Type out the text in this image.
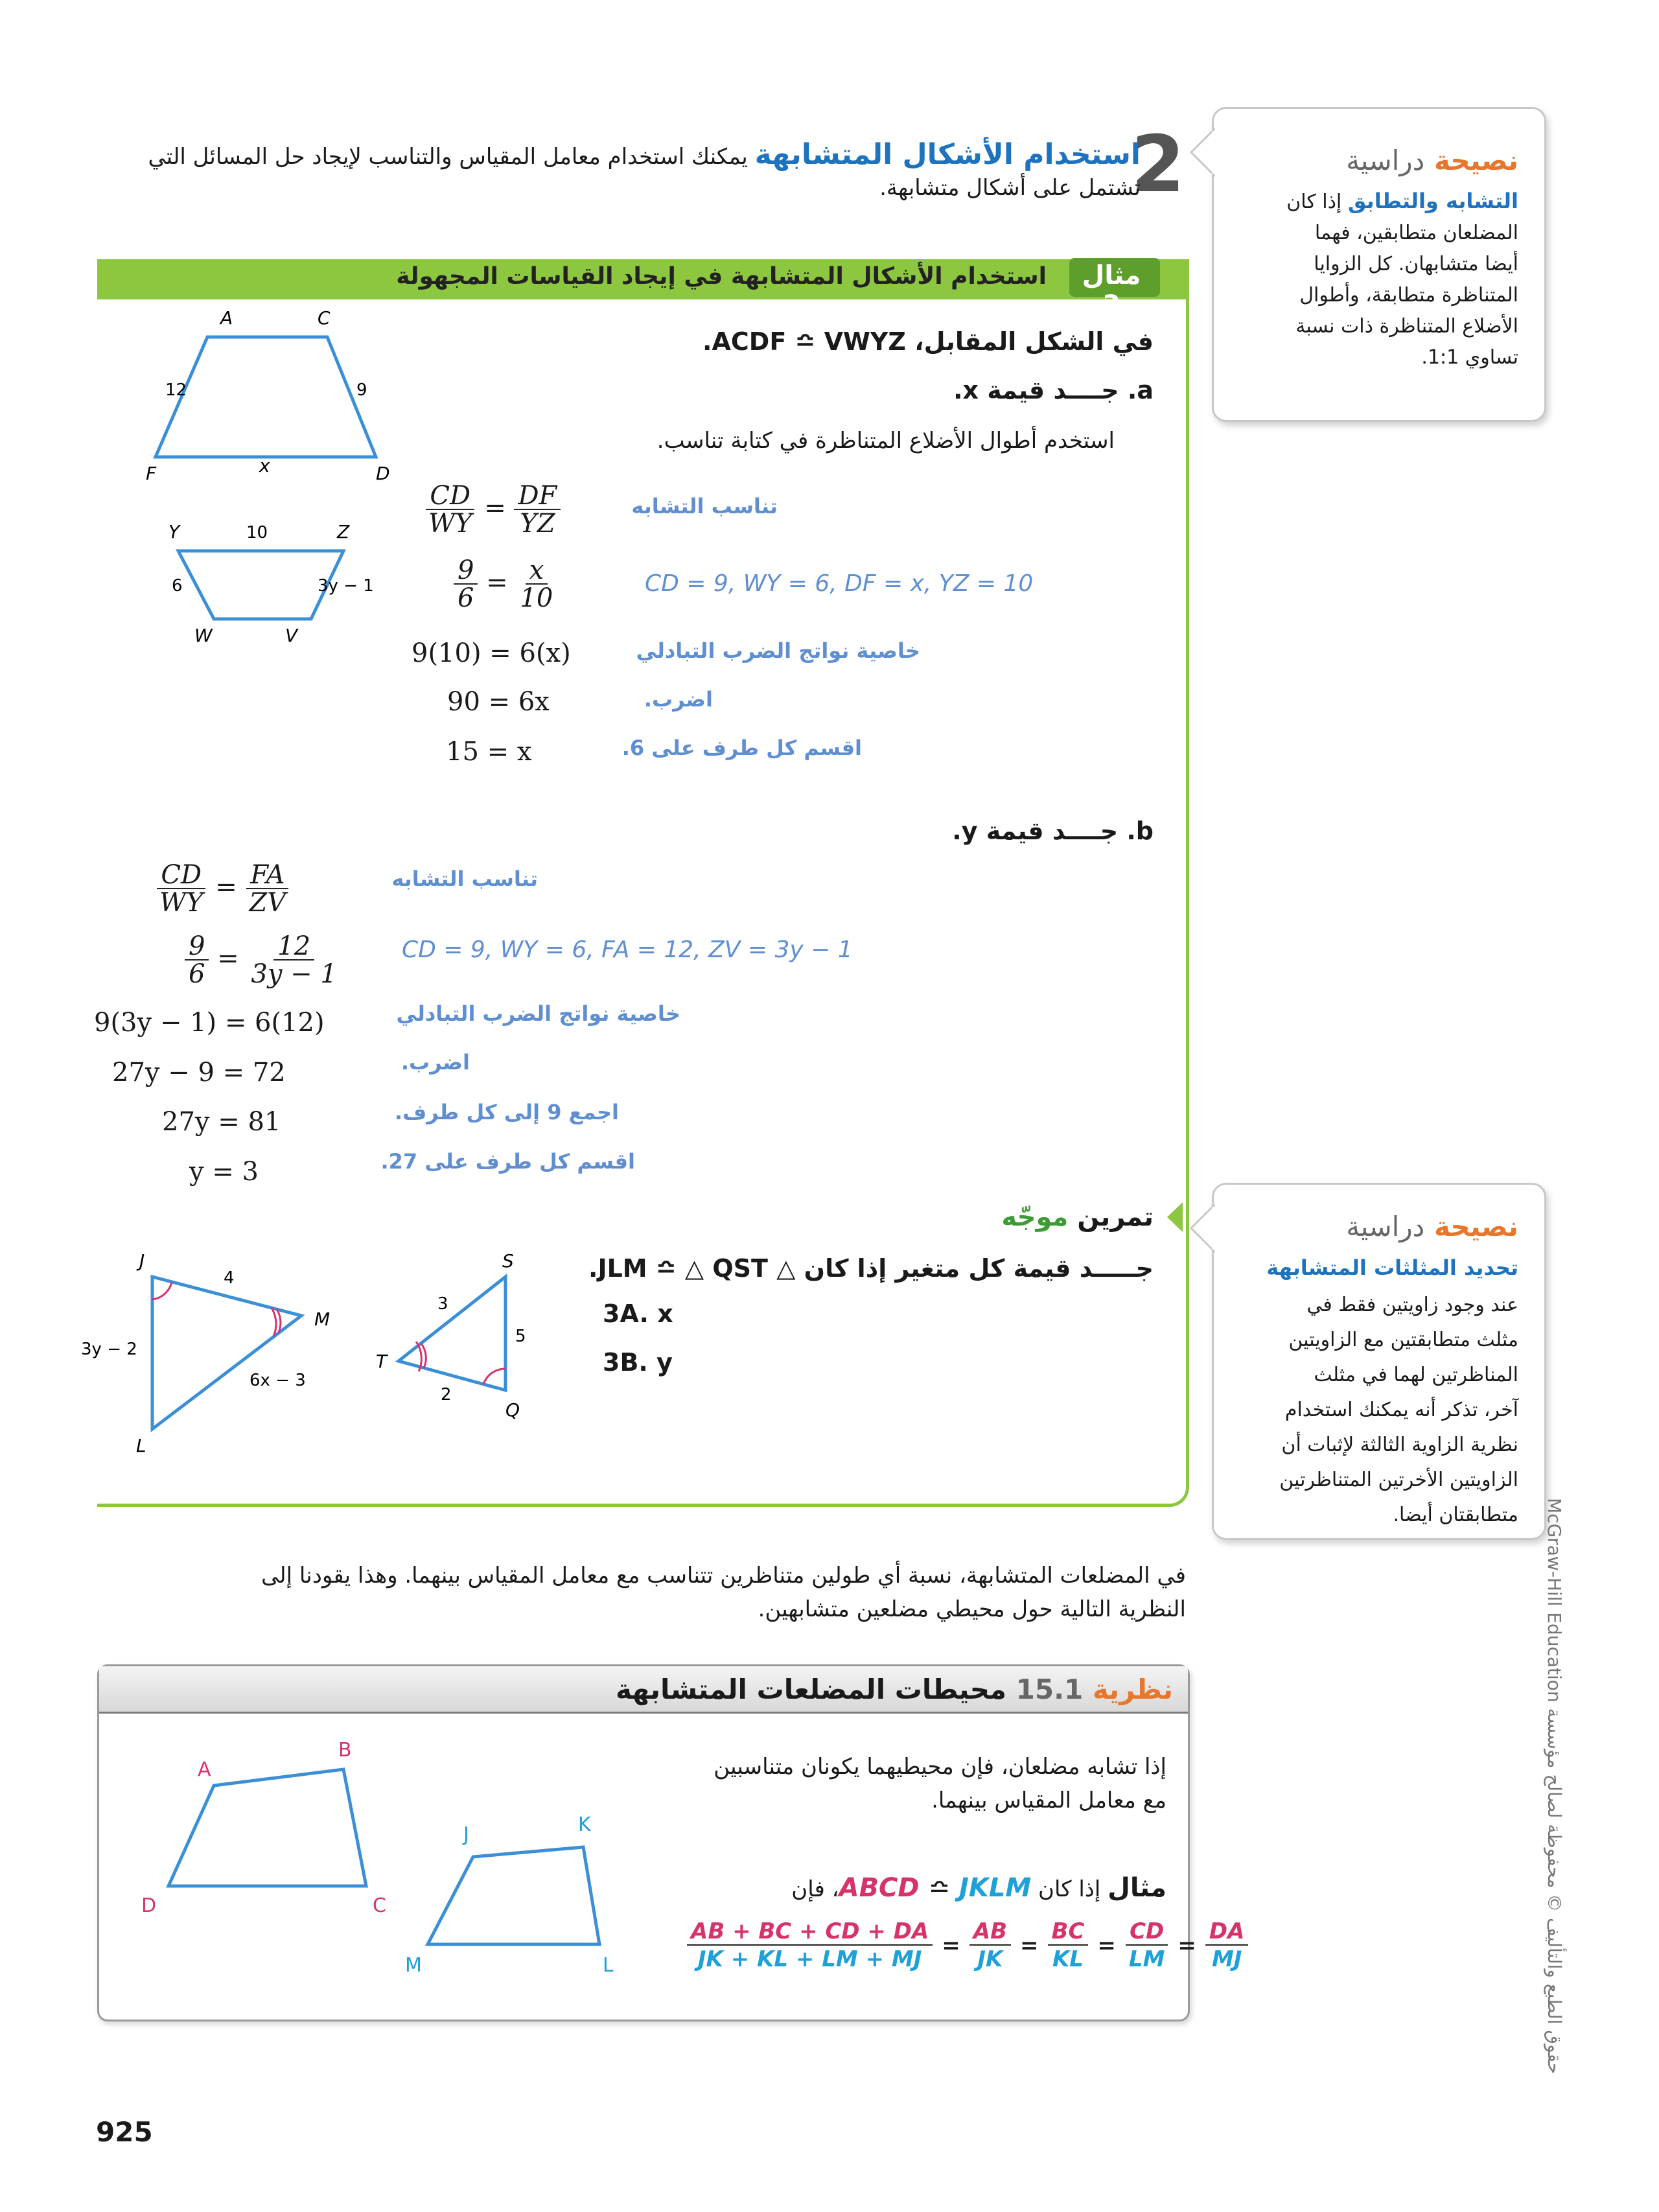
2
استخدام الأشكال المتشابهة يمكنك استخدام معامل المقياس والتناسب لإيجاد حل المسائل التي
تشتمل على أشكال متشابهة.
نصيحة دراسية
التشابه والتطابق إذا كان
المضلعان متطابقين، فهما
أيضا متشابهان. كل الزوايا
المتناظرة متطابقة، وأطوال
الأضلاع المتناظرة ذات نسبة
تساوي 1:1.
مثال 3
استخدام الأشكال المتشابهة في إيجاد القياسات المجهولة
في الشكل المقابل، ACDF ≏ VWYZ.
a. جــــد قيمة x.
استخدم أطوال الأضلاع المتناظرة في كتابة تناسب.
A	C
F	D
12	9
x
Y	Z
W	V
10
6	3y − 1
$\frac{CD}{WY} = \frac{DF}{YZ}$	تناسب التشابه
$\frac{9}{6} = \frac{x}{10}$	CD = 9, WY = 6, DF = x, YZ = 10
9(10) = 6(x)	خاصية نواتج الضرب التبادلي
90 = 6x	اضرب.
15 = x	اقسم كل طرف على 6.
b. جــــد قيمة y.
$\frac{CD}{WY} = \frac{FA}{ZV}$	تناسب التشابه
$\frac{9}{6} = \frac{12}{3y - 1}$	CD = 9, WY = 6, FA = 12, ZV = 3y − 1
9(3y − 1) = 6(12)	خاصية نواتج الضرب التبادلي
27y − 9 = 72	اضرب.
27y = 81	اجمع 9 إلى كل طرف.
y = 3	اقسم كل طرف على 27.
تمرين موجّه
جـــــد قيمة كل متغير إذا كان △ JLM ≏ △ QST.
3A. x
3B. y
J
M
L
4
3y − 2
6x − 3
S
T
Q
3
5
2
نصيحة دراسية
تحديد المثلثات المتشابهة
عند وجود زاويتين فقط في
مثلث متطابقتين مع الزاويتين
المناظرتين لهما في مثلث
آخر، تذكر أنه يمكنك استخدام
نظرية الزاوية الثالثة لإثبات أن
الزاويتين الأخرتين المتناظرتين
متطابقتان أيضا.
في المضلعات المتشابهة، نسبة أي طولين متناظرين تتناسب مع معامل المقياس بينهما. وهذا يقودنا إلى
النظرية التالية حول محيطي مضلعين متشابهين.
نظرية 15.1 محيطات المضلعات المتشابهة
إذا تشابه مضلعان، فإن محيطيهما يكونان متناسبين
مع معامل المقياس بينهما.
مثال إذا كان ABCD ≏ JKLM، فإن
$\frac{AB + BC + CD + DA}{JK + KL + LM + MJ} = \frac{AB}{JK} = \frac{BC}{KL} = \frac{CD}{LM} = \frac{DA}{MJ}$
A
B
C
D
J	K
L
M
حقوق الطبع والتأليف © محفوظة لصالح مؤسسة McGraw-Hill Education
925
